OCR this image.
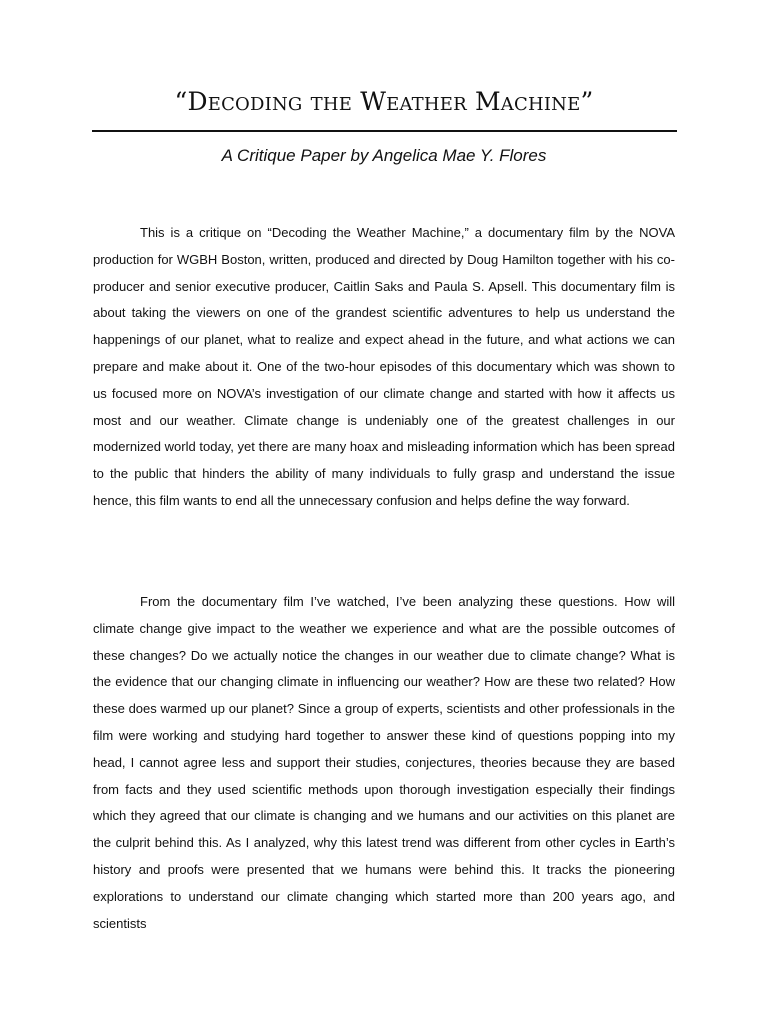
“Decoding the Weather Machine”

A Critique Paper by Angelica Mae Y. Flores

This is a critique on “Decoding the Weather Machine,” a documentary film by the NOVA production for WGBH Boston, written, produced and directed by Doug Hamilton together with his co-producer and senior executive producer, Caitlin Saks and Paula S. Apsell. This documentary film is about taking the viewers on one of the grandest scientific adventures to help us understand the happenings of our planet, what to realize and expect ahead in the future, and what actions we can prepare and make about it. One of the two-hour episodes of this documentary which was shown to us focused more on NOVA’s investigation of our climate change and started with how it affects us most and our weather. Climate change is undeniably one of the greatest challenges in our modernized world today, yet there are many hoax and misleading information which has been spread to the public that hinders the ability of many individuals to fully grasp and understand the issue hence, this film wants to end all the unnecessary confusion and helps define the way forward.

From the documentary film I’ve watched, I’ve been analyzing these questions. How will climate change give impact to the weather we experience and what are the possible outcomes of these changes? Do we actually notice the changes in our weather due to climate change? What is the evidence that our changing climate in influencing our weather? How are these two related? How these does warmed up our planet? Since a group of experts, scientists and other professionals in the film were working and studying hard together to answer these kind of questions popping into my head, I cannot agree less and support their studies, conjectures, theories because they are based from facts and they used scientific methods upon thorough investigation especially their findings which they agreed that our climate is changing and we humans and our activities on this planet are the culprit behind this. As I analyzed, why this latest trend was different from other cycles in Earth’s history and proofs were presented that we humans were behind this. It tracks the pioneering explorations to understand our climate changing which started more than 200 years ago, and scientists
